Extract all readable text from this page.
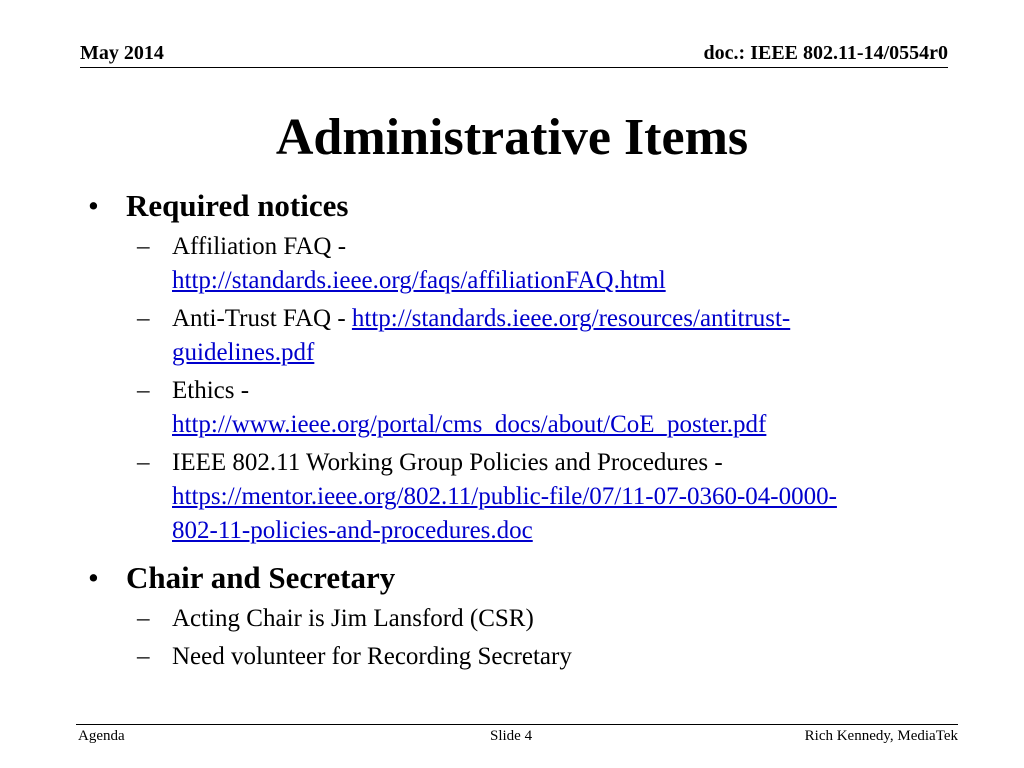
May 2014	doc.: IEEE 802.11-14/0554r0
Administrative Items
• Required notices
– Affiliation FAQ -
http://standards.ieee.org/faqs/affiliationFAQ.html
– Anti-Trust FAQ - http://standards.ieee.org/resources/antitrust-
guidelines.pdf
– Ethics -
http://www.ieee.org/portal/cms_docs/about/CoE_poster.pdf
– IEEE 802.11 Working Group Policies and Procedures -
https://mentor.ieee.org/802.11/public-file/07/11-07-0360-04-0000-
802-11-policies-and-procedures.doc
• Chair and Secretary
– Acting Chair is Jim Lansford (CSR)
– Need volunteer for Recording Secretary
Agenda	Slide 4	Rich Kennedy, MediaTek
